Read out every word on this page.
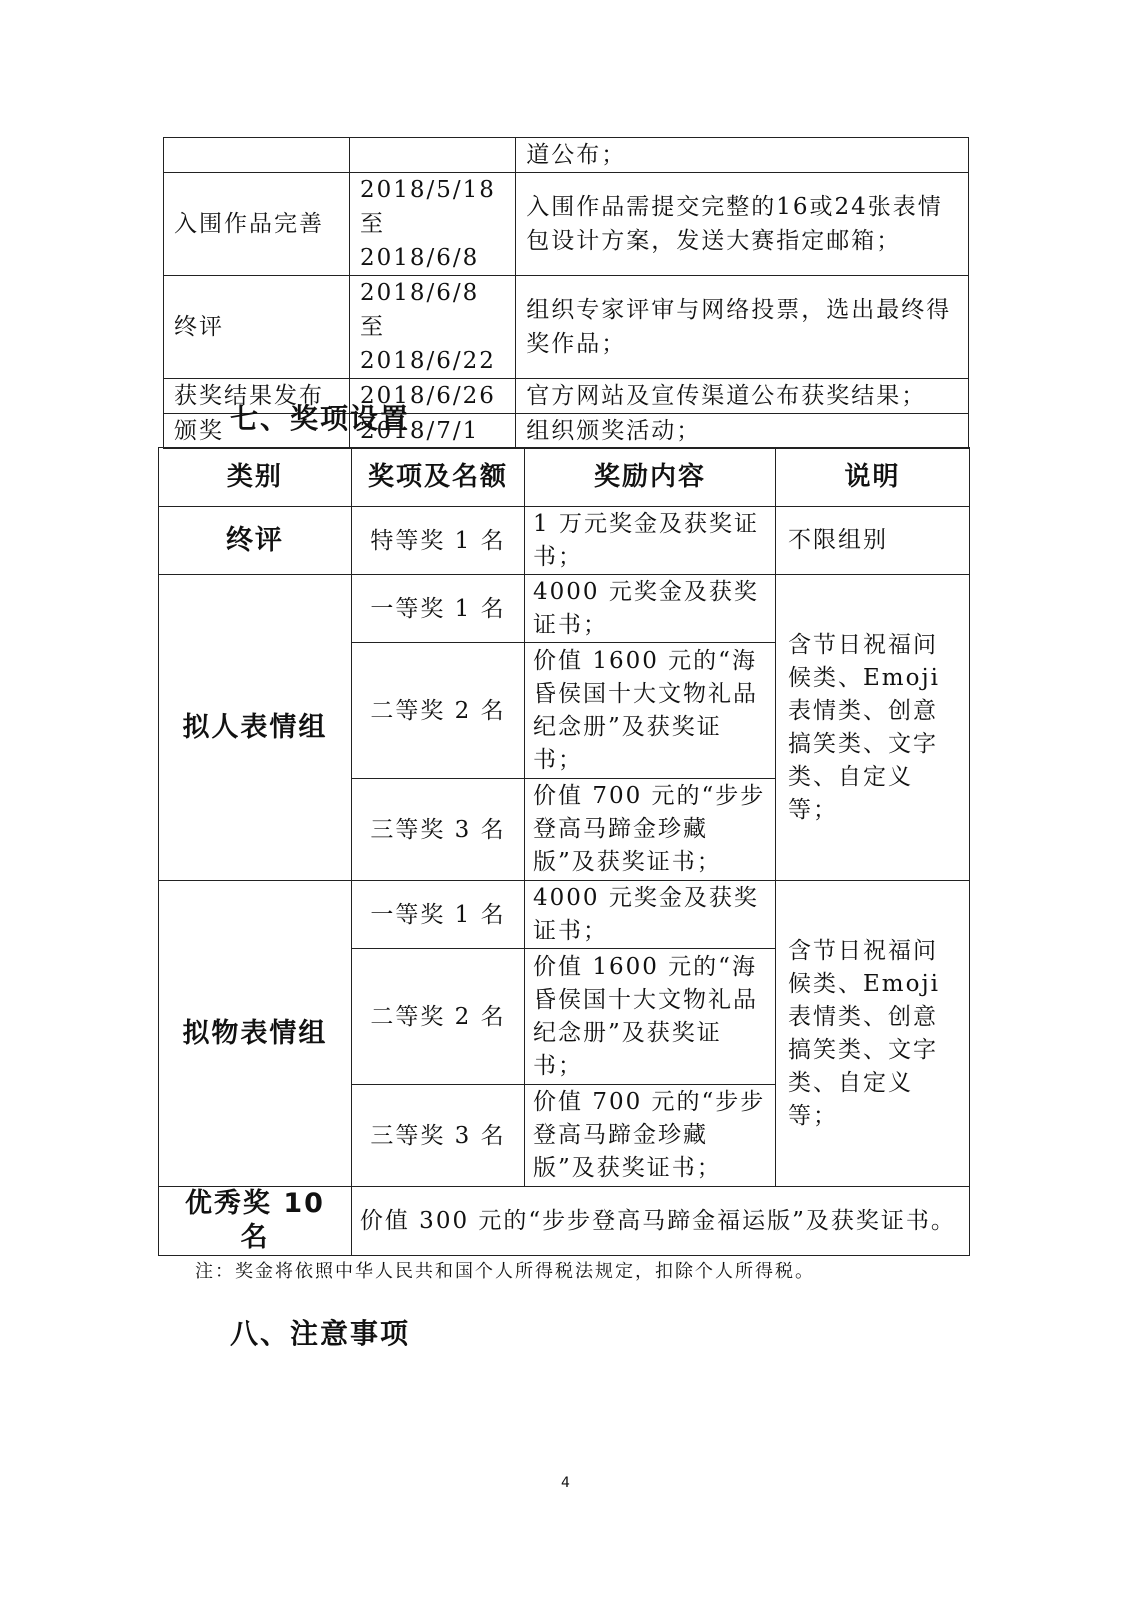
		道公布；
入围作品完善	2018/5/18 至 2018/6/8	入围作品需提交完整的16或24张表情包设计方案，发送大赛指定邮箱；
终评	2018/6/8 至 2018/6/22	组织专家评审与网络投票，选出最终得奖作品；
获奖结果发布	2018/6/26	官方网站及宣传渠道公布获奖结果；
颁奖	2018/7/1	组织颁奖活动；
七、奖项设置
类别	奖项及名额	奖励内容	说明
终评	特等奖 1 名	1 万元奖金及获奖证书；	不限组别
拟人表情组	一等奖 1 名	4000 元奖金及获奖证书；	含节日祝福问候类、Emoji表情类、创意搞笑类、文字类、自定义等；
	二等奖 2 名	价值 1600 元的“海昏侯国十大文物礼品纪念册”及获奖证书；	
	三等奖 3 名	价值 700 元的“步步登高马蹄金珍藏版”及获奖证书；	
拟物表情组	一等奖 1 名	4000 元奖金及获奖证书；	含节日祝福问候类、Emoji表情类、创意搞笑类、文字类、自定义等；
	二等奖 2 名	价值 1600 元的“海昏侯国十大文物礼品纪念册”及获奖证书；	
	三等奖 3 名	价值 700 元的“步步登高马蹄金珍藏版”及获奖证书；	
优秀奖 10 名	价值 300 元的“步步登高马蹄金福运版”及获奖证书。		
注：奖金将依照中华人民共和国个人所得税法规定，扣除个人所得税。
八、注意事项
4
